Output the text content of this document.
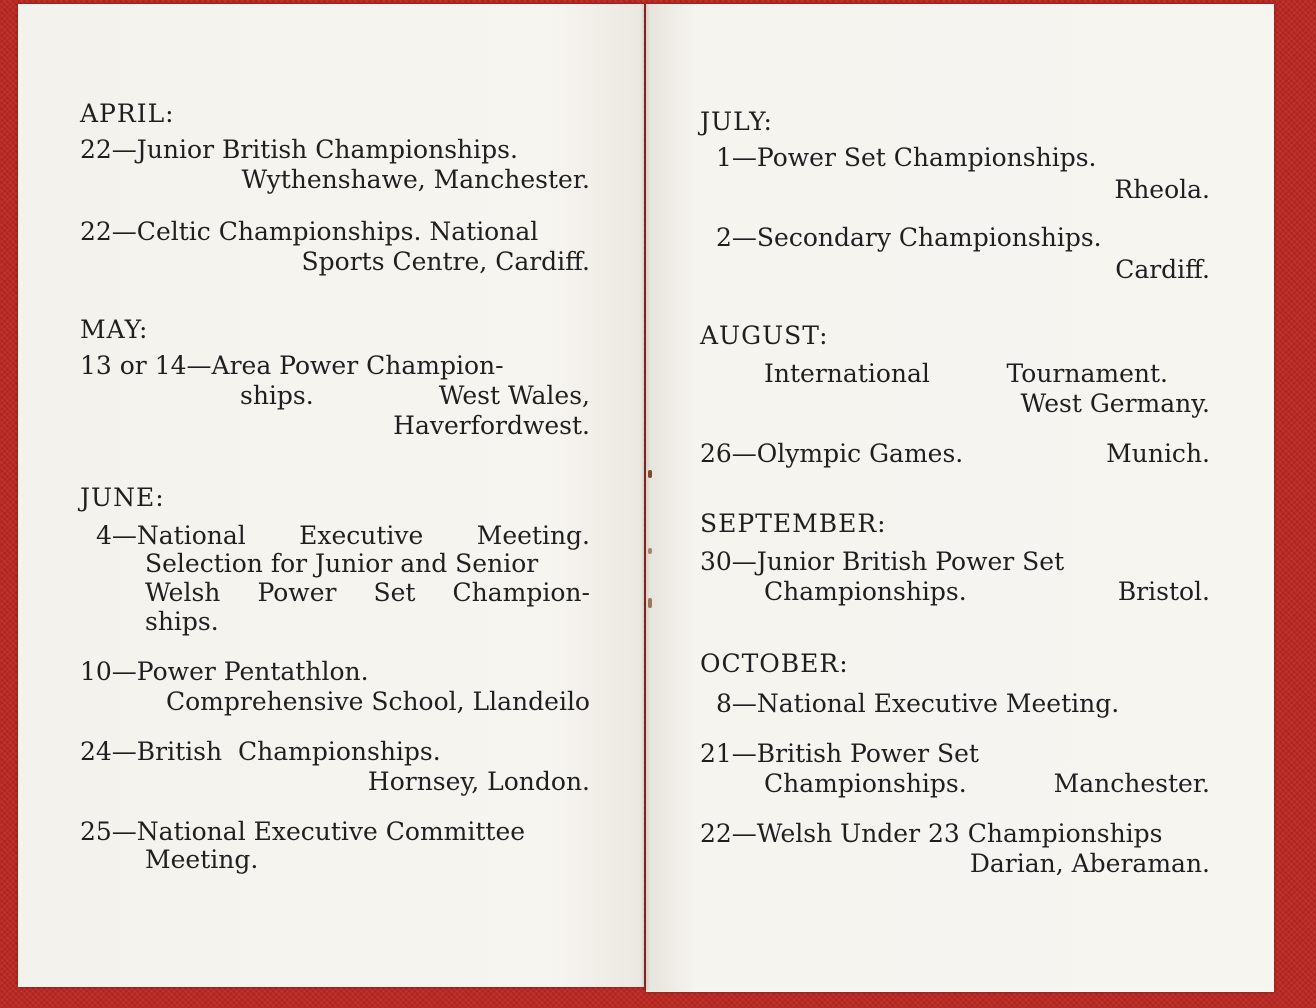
APRIL:
22—Junior British Championships.
Wythenshawe, Manchester.
22—Celtic Championships. National
Sports Centre, Cardiff.
MAY:
13 or 14—Area Power Champion-
ships.	West Wales,
Haverfordwest.
JUNE:
4—National Executive Meeting.
Selection for Junior and Senior
Welsh Power Set Champion-
ships.
10—Power Pentathlon.
Comprehensive School, Llandeilo
24—British  Championships.
Hornsey, London.
25—National Executive Committee
Meeting.
JULY:
1—Power Set Championships.
Rheola.
2—Secondary Championships.
Cardiff.
AUGUST:
International	Tournament.
West Germany.
26—Olympic Games.	Munich.
SEPTEMBER:
30—Junior British Power Set
Championships.	Bristol.
OCTOBER:
8—National Executive Meeting.
21—British Power Set
Championships.	Manchester.
22—Welsh Under 23 Championships
Darian, Aberaman.
